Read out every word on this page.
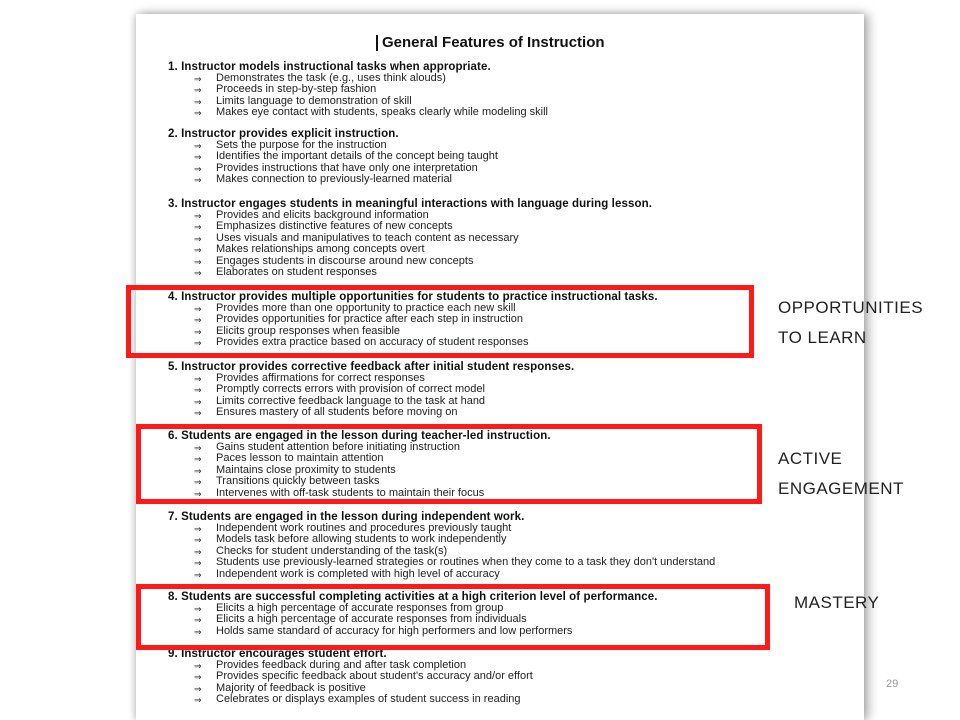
General Features of Instruction
1. Instructor models instructional tasks when appropriate.
⇒ Demonstrates the task (e.g., uses think alouds)
⇒ Proceeds in step-by-step fashion
⇒ Limits language to demonstration of skill
⇒ Makes eye contact with students, speaks clearly while modeling skill
2. Instructor provides explicit instruction.
⇒ Sets the purpose for the instruction
⇒ Identifies the important details of the concept being taught
⇒ Provides instructions that have only one interpretation
⇒ Makes connection to previously-learned material
3. Instructor engages students in meaningful interactions with language during lesson.
⇒ Provides and elicits background information
⇒ Emphasizes distinctive features of new concepts
⇒ Uses visuals and manipulatives to teach content as necessary
⇒ Makes relationships among concepts overt
⇒ Engages students in discourse around new concepts
⇒ Elaborates on student responses
4. Instructor provides multiple opportunities for students to practice instructional tasks.
⇒ Provides more than one opportunity to practice each new skill
⇒ Provides opportunities for practice after each step in instruction
⇒ Elicits group responses when feasible
⇒ Provides extra practice based on accuracy of student responses
5. Instructor provides corrective feedback after initial student responses.
⇒ Provides affirmations for correct responses
⇒ Promptly corrects errors with provision of correct model
⇒ Limits corrective feedback language to the task at hand
⇒ Ensures mastery of all students before moving on
6. Students are engaged in the lesson during teacher-led instruction.
⇒ Gains student attention before initiating instruction
⇒ Paces lesson to maintain attention
⇒ Maintains close proximity to students
⇒ Transitions quickly between tasks
⇒ Intervenes with off-task students to maintain their focus
7. Students are engaged in the lesson during independent work.
⇒ Independent work routines and procedures previously taught
⇒ Models task before allowing students to work independently
⇒ Checks for student understanding of the task(s)
⇒ Students use previously-learned strategies or routines when they come to a task they don't understand
⇒ Independent work is completed with high level of accuracy
8. Students are successful completing activities at a high criterion level of performance.
⇒ Elicits a high percentage of accurate responses from group
⇒ Elicits a high percentage of accurate responses from individuals
⇒ Holds same standard of accuracy for high performers and low performers
9. Instructor encourages student effort.
⇒ Provides feedback during and after task completion
⇒ Provides specific feedback about student's accuracy and/or effort
⇒ Majority of feedback is positive
⇒ Celebrates or displays examples of student success in reading
OPPORTUNITIES
TO LEARN
ACTIVE
ENGAGEMENT
MASTERY
29
